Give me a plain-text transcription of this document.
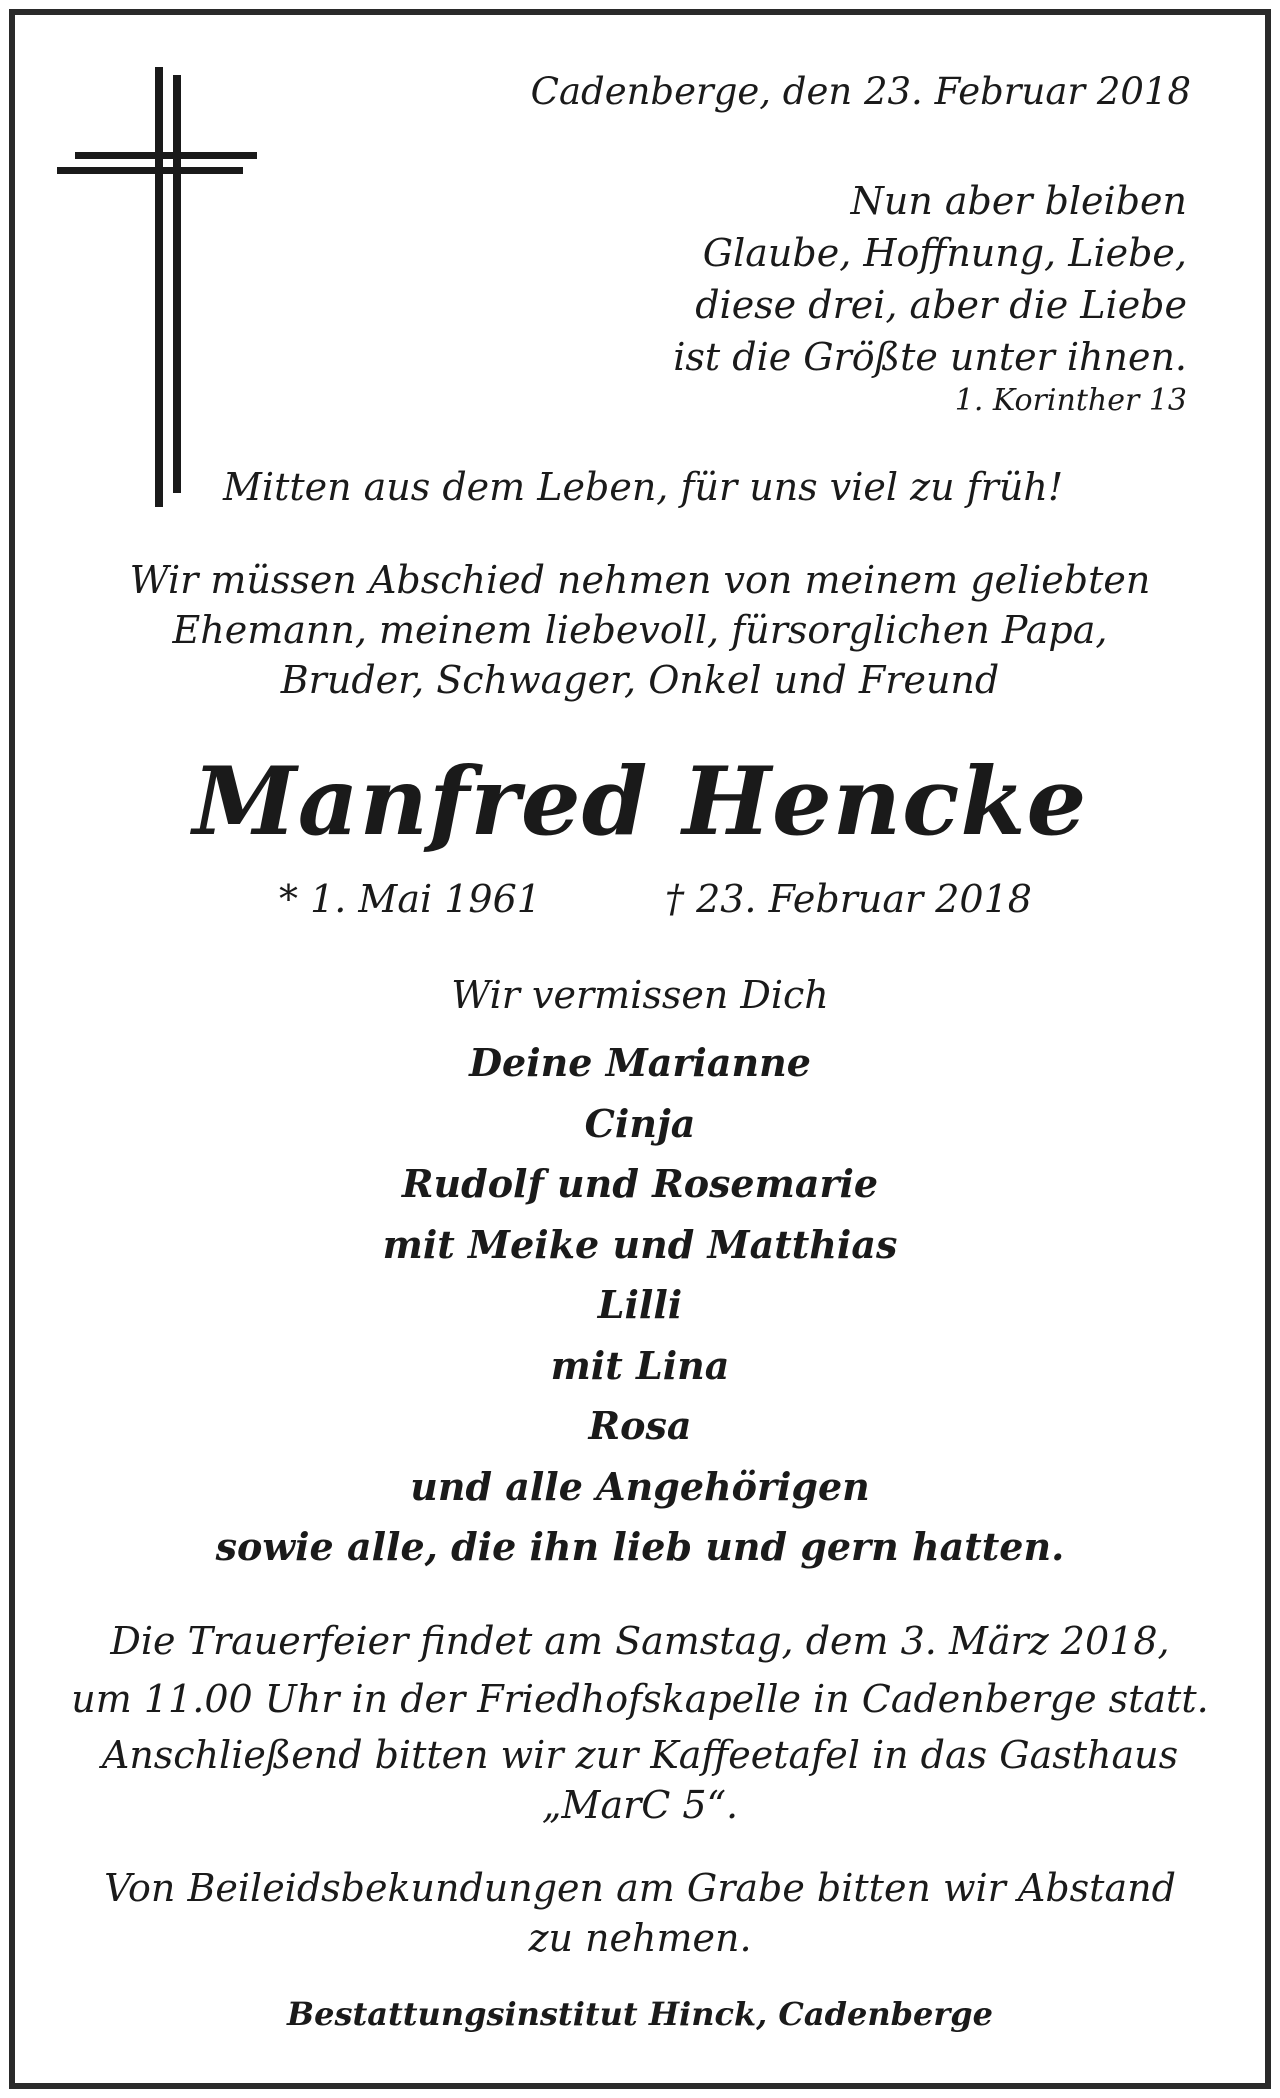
Cadenberge, den 23. Februar 2018
Nun aber bleiben
Glaube, Hoffnung, Liebe,
diese drei, aber die Liebe
ist die Größte unter ihnen.
1. Korinther 13
Mitten aus dem Leben, für uns viel zu früh!
Wir müssen Abschied nehmen von meinem geliebten
Ehemann, meinem liebevoll, fürsorglichen Papa,
Bruder, Schwager, Onkel und Freund
Manfred Hencke
* 1. Mai 1961	† 23. Februar 2018
Wir vermissen Dich
Deine Marianne
Cinja
Rudolf und Rosemarie
mit Meike und Matthias
Lilli
mit Lina
Rosa
und alle Angehörigen
sowie alle, die ihn lieb und gern hatten.
Die Trauerfeier findet am Samstag, dem 3. März 2018,
um 11.00 Uhr in der Friedhofskapelle in Cadenberge statt.
Anschließend bitten wir zur Kaffeetafel in das Gasthaus
„MarC 5“.
Von Beileidsbekundungen am Grabe bitten wir Abstand
zu nehmen.
Bestattungsinstitut Hinck, Cadenberge
